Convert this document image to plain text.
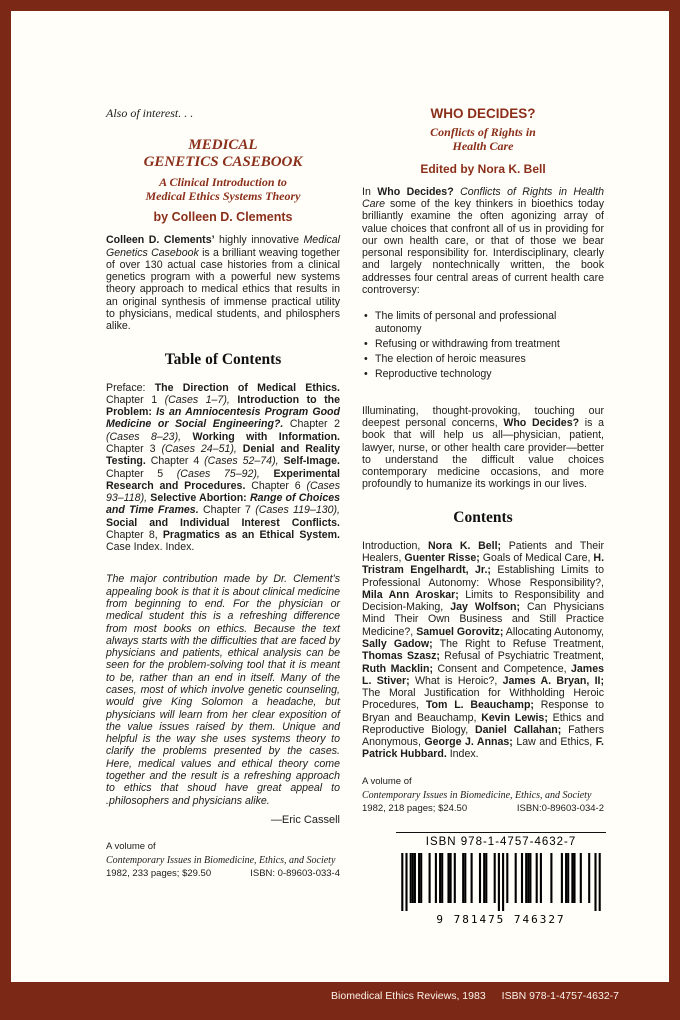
Also of interest. . .

MEDICAL
GENETICS CASEBOOK
A Clinical Introduction to
Medical Ethics Systems Theory
by Colleen D. Clements

Colleen D. Clements’ highly innovative Medical Genetics Casebook is a brilliant weaving together of over 130 actual case histories from a clinical genetics program with a powerful new systems theory approach to medical ethics that results in an original synthesis of immense practical utility to physicians, medical students, and philosphers alike.

Table of Contents

Preface: The Direction of Medical Ethics. Chapter 1 (Cases 1–7), Introduction to the Problem: Is an Amniocentesis Program Good Medicine or Social Engineering?. Chapter 2 (Cases 8–23), Working with Information. Chapter 3 (Cases 24–51), Denial and Reality Testing. Chapter 4 (Cases 52–74), Self-Image. Chapter 5 (Cases 75–92), Experimental Research and Procedures. Chapter 6 (Cases 93–118), Selective Abortion: Range of Choices and Time Frames. Chapter 7 (Cases 119–130), Social and Individual Interest Conflicts. Chapter 8, Pragmatics as an Ethical System. Case Index. Index.

The major contribution made by Dr. Clement’s appealing book is that it is about clinical medicine from beginning to end. For the physician or medical student this is a refreshing difference from most books on ethics. Because the text always starts with the difficulties that are faced by physicians and patients, ethical analysis can be seen for the problem-solving tool that it is meant to be, rather than an end in itself. Many of the cases, most of which involve genetic counseling, would give King Solomon a headache, but physicians will learn from her clear exposition of the value issues raised by them. Unique and helpful is the way she uses systems theory to clarify the problems presented by the cases. Here, medical values and ethical theory come together and the result is a refreshing approach to ethics that shoud have great appeal to .philosophers and physicians alike.

—Eric Cassell

A volume of
Contemporary Issues in Biomedicine, Ethics, and Society
1982, 233 pages; $29.50	ISBN: 0-89603-033-4
WHO DECIDES?
Conflicts of Rights in
Health Care
Edited by Nora K. Bell

In Who Decides? Conflicts of Rights in Health Care some of the key thinkers in bioethics today brilliantly examine the often agonizing array of value choices that confront all of us in providing for our own health care, or that of those we bear personal responsibility for. Interdisciplinary, clearly and largely nontechnically written, the book addresses four central areas of current health care controversy:

• The limits of personal and professional autonomy
• Refusing or withdrawing from treatment
• The election of heroic measures
• Reproductive technology

Illuminating, thought-provoking, touching our deepest personal concerns, Who Decides? is a book that will help us all—physician, patient, lawyer, nurse, or other health care provider—better to understand the difficult value choices contemporary medicine occasions, and more profoundly to humanize its workings in our lives.

Contents

Introduction, Nora K. Bell; Patients and Their Healers, Guenter Risse; Goals of Medical Care, H. Tristram Engelhardt, Jr.; Establishing Limits to Professional Autonomy: Whose Responsibility?, Mila Ann Aroskar; Limits to Responsibility and Decision-Making, Jay Wolfson; Can Physicians Mind Their Own Business and Still Practice Medicine?, Samuel Gorovitz; Allocating Autonomy, Sally Gadow; The Right to Refuse Treatment, Thomas Szasz; Refusal of Psychiatric Treatment, Ruth Macklin; Consent and Competence, James L. Stiver; What is Heroic?, James A. Bryan, II; The Moral Justification for Withholding Heroic Procedures, Tom L. Beauchamp; Response to Bryan and Beauchamp, Kevin Lewis; Ethics and Reproductive Biology, Daniel Callahan; Fathers Anonymous, George J. Annas; Law and Ethics, F. Patrick Hubbard. Index.

A volume of
Contemporary Issues in Biomedicine, Ethics, and Society
1982, 218 pages; $24.50	ISBN:0-89603-034-2
ISBN 978-1-4757-4632-7
9 781475 746327
Biomedical Ethics Reviews, 1983 ISBN 978-1-4757-4632-7
